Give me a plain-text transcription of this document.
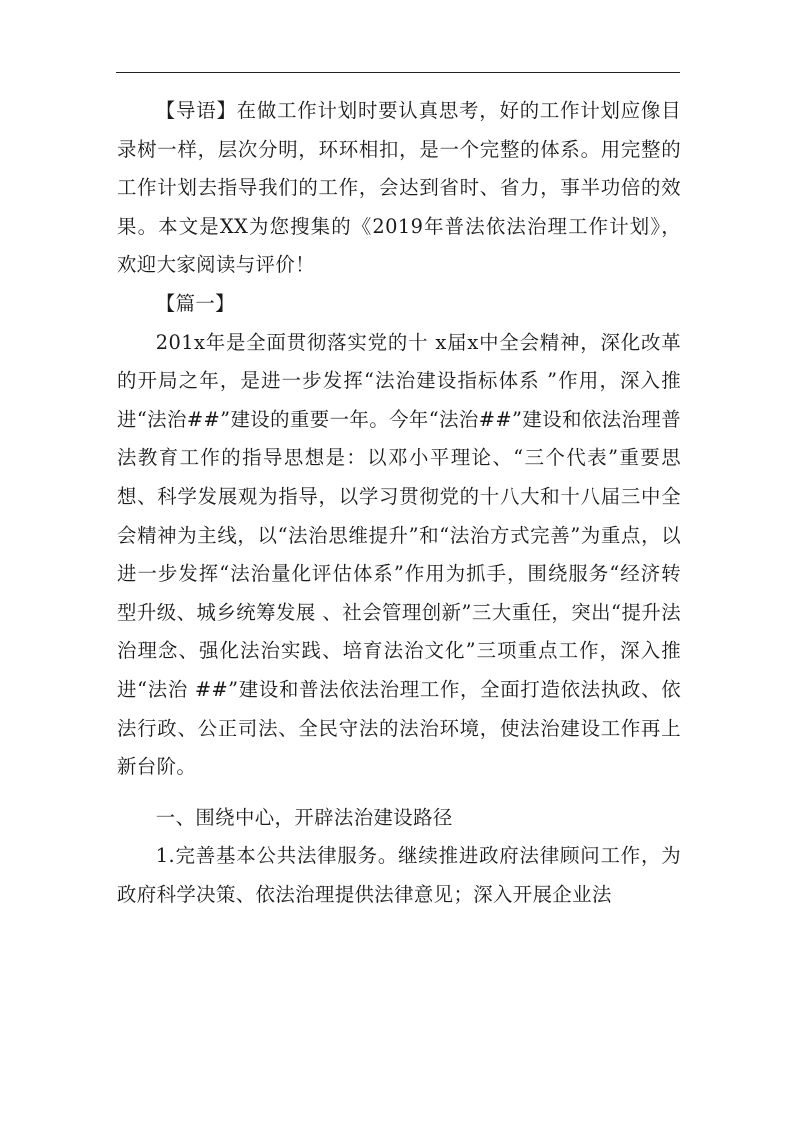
【导语】在做工作计划时要认真思考，好的工作计划应像目录树一样，层次分明，环环相扣，是一个完整的体系。用完整的工作计划去指导我们的工作，会达到省时、省力，事半功倍的效果。本文是XX为您搜集的《2019年普法依法治理工作计划》，欢迎大家阅读与评价！

【篇一】

201x年是全面贯彻落实党的十 x届x中全会精神，深化改革的开局之年，是进一步发挥“法治建设指标体系 ”作用，深入推进“法治##”建设的重要一年。今年“法治##”建设和依法治理普法教育工作的指导思想是：以邓小平理论、“三个代表”重要思想、科学发展观为指导，以学习贯彻党的十八大和十八届三中全会精神为主线，以“法治思维提升”和“法治方式完善”为重点，以进一步发挥“法治量化评估体系”作用为抓手，围绕服务“经济转型升级、城乡统筹发展 、社会管理创新”三大重任，突出“提升法治理念、强化法治实践、培育法治文化”三项重点工作，深入推进“法治 ##”建设和普法依法治理工作，全面打造依法执政、依法行政、公正司法、全民守法的法治环境，使法治建设工作再上新台阶。

一、围绕中心，开辟法治建设路径

1.完善基本公共法律服务。继续推进政府法律顾问工作，为政府科学决策、依法治理提供法律意见；深入开展企业法
